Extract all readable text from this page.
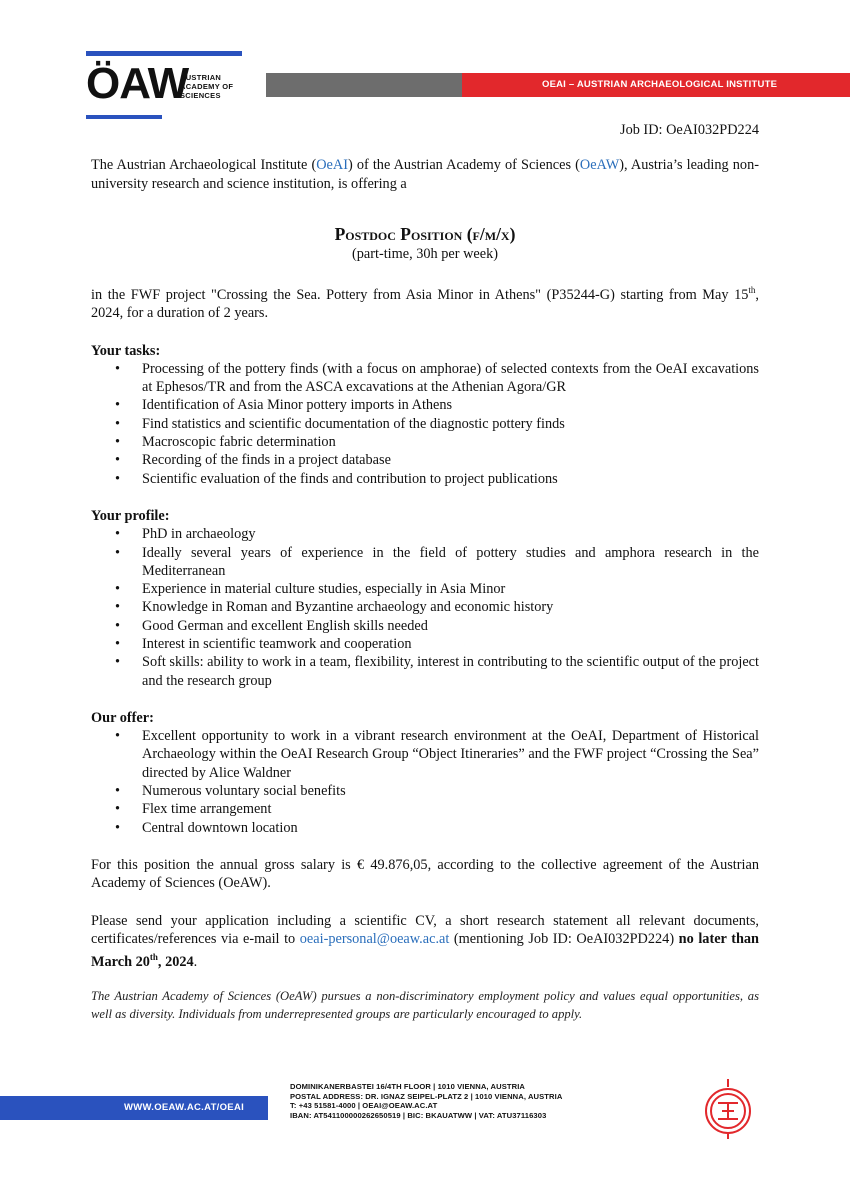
ÖAW
AUSTRIAN
ACADEMY OF
SCIENCES
OEAI – AUSTRIAN ARCHAEOLOGICAL INSTITUTE

Job ID: OeAI032PD224

The Austrian Archaeological Institute (OeAI) of the Austrian Academy of Sciences (OeAW), Austria’s leading non-university research and science institution, is offering a

Postdoc Position (f/m/x)
(part-time, 30h per week)

in the FWF project "Crossing the Sea. Pottery from Asia Minor in Athens" (P35244-G) starting from May 15th, 2024, for a duration of 2 years.

Your tasks:

• Processing of the pottery finds (with a focus on amphorae) of selected contexts from the OeAI excavations at Ephesos/TR and from the ASCA excavations at the Athenian Agora/GR
• Identification of Asia Minor pottery imports in Athens
• Find statistics and scientific documentation of the diagnostic pottery finds
• Macroscopic fabric determination
• Recording of the finds in a project database
• Scientific evaluation of the finds and contribution to project publications

Your profile:

• PhD in archaeology
• Ideally several years of experience in the field of pottery studies and amphora research in the Mediterranean
• Experience in material culture studies, especially in Asia Minor
• Knowledge in Roman and Byzantine archaeology and economic history
• Good German and excellent English skills needed
• Interest in scientific teamwork and cooperation
• Soft skills: ability to work in a team, flexibility, interest in contributing to the scientific output of the project and the research group

Our offer:

• Excellent opportunity to work in a vibrant research environment at the OeAI, Department of Historical Archaeology within the OeAI Research Group “Object Itineraries” and the FWF project “Crossing the Sea” directed by Alice Waldner
• Numerous voluntary social benefits
• Flex time arrangement
• Central downtown location

For this position the annual gross salary is € 49.876,05, according to the collective agreement of the Austrian Academy of Sciences (OeAW).

Please send your application including a scientific CV, a short research statement all relevant documents, certificates/references via e-mail to oeai-personal@oeaw.ac.at (mentioning Job ID: OeAI032PD224) no later than March 20th, 2024.

The Austrian Academy of Sciences (OeAW) pursues a non-discriminatory employment policy and values equal opportunities, as well as diversity. Individuals from underrepresented groups are particularly encouraged to apply.

WWW.OEAW.AC.AT/OEAI
DOMINIKANERBASTEI 16/4TH FLOOR | 1010 VIENNA, AUSTRIA
POSTAL ADDRESS: DR. IGNAZ SEIPEL-PLATZ 2 | 1010 VIENNA, AUSTRIA
T: +43 51581-4000 | OEAI@OEAW.AC.AT
IBAN: AT541100000262650519 | BIC: BKAUATWW | VAT: ATU37116303
